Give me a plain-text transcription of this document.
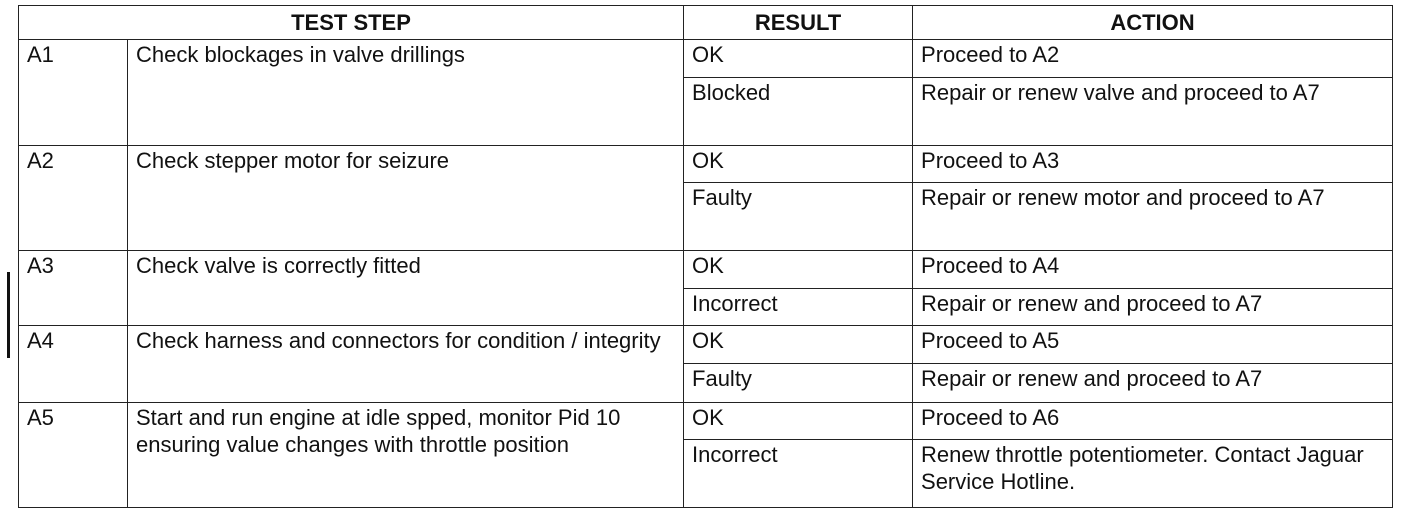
TEST STEP		RESULT	ACTION
A1	Check blockages in valve drillings	OK	Proceed to A2
		Blocked	Repair or renew valve and proceed to A7
A2	Check stepper motor for seizure	OK	Proceed to A3
		Faulty	Repair or renew motor and proceed to A7
A3	Check valve is correctly fitted	OK	Proceed to A4
		Incorrect	Repair or renew and proceed to A7
A4	Check harness and connectors for condition / integrity	OK	Proceed to A5
		Faulty	Repair or renew and proceed to A7
A5	Start and run engine at idle spped, monitor Pid 10 ensuring value changes with throttle position	OK	Proceed to A6
		Incorrect	Renew throttle potentiometer. Contact Jaguar Service Hotline.
